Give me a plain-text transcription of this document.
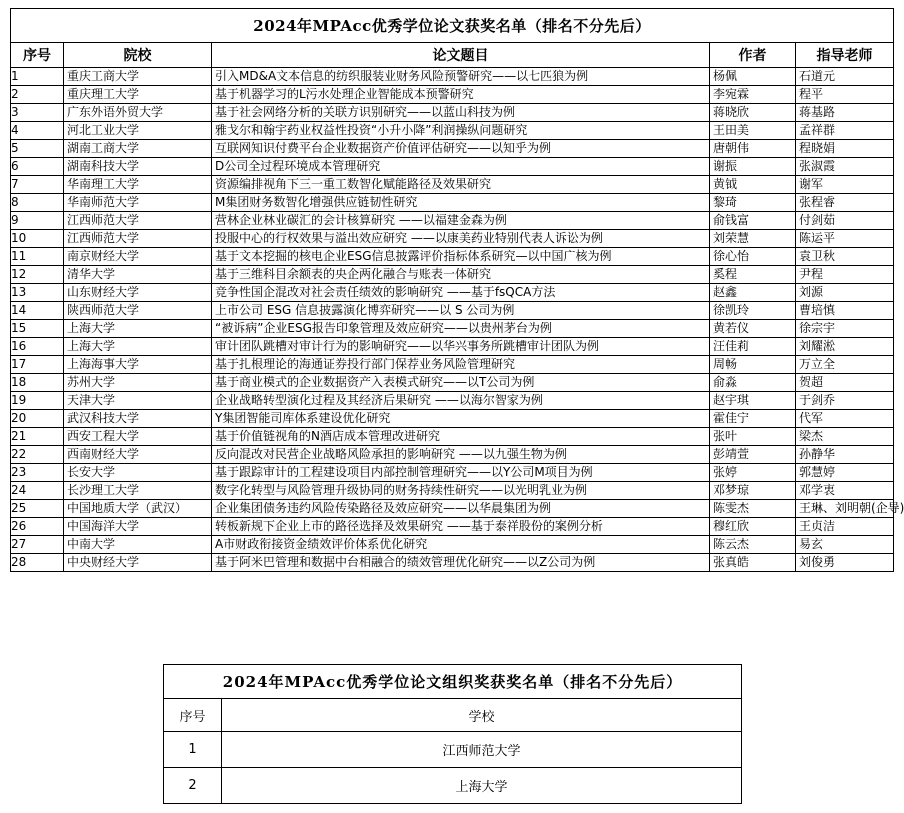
2024年MPAcc优秀学位论文获奖名单（排名不分先后）				
序号	院校	论文题目	作者	指导老师
1	重庆工商大学	引入MD&A文本信息的纺织服装业财务风险预警研究——以七匹狼为例	杨佩	石道元
2	重庆理工大学	基于机器学习的L污水处理企业智能成本预警研究	李宛霖	程平
3	广东外语外贸大学	基于社会网络分析的关联方识别研究——以蓝山科技为例	蒋晓欣	蒋基路
4	河北工业大学	雅戈尔和翰宇药业权益性投资“小升小降”利润操纵问题研究	王田美	孟祥群
5	湖南工商大学	互联网知识付费平台企业数据资产价值评估研究——以知乎为例	唐朝伟	程晓娟
6	湖南科技大学	D公司全过程环境成本管理研究	谢振	张淑霞
7	华南理工大学	资源编排视角下三一重工数智化赋能路径及效果研究	黄钺	谢军
8	华南师范大学	M集团财务数智化增强供应链韧性研究	黎琦	张程睿
9	江西师范大学	营林企业林业碳汇的会计核算研究 ——以福建金森为例	俞钱富	付剑茹
10	江西师范大学	投服中心的行权效果与溢出效应研究 ——以康美药业特别代表人诉讼为例	刘荣慧	陈运平
11	南京财经大学	基于文本挖掘的核电企业ESG信息披露评价指标体系研究—以中国广核为例	徐心怡	袁卫秋
12	清华大学	基于三维科目余额表的央企两化融合与账表一体研究	奚程	尹程
13	山东财经大学	竞争性国企混改对社会责任绩效的影响研究 ——基于fsQCA方法	赵鑫	刘源
14	陕西师范大学	上市公司 ESG 信息披露演化博弈研究——以 S 公司为例	徐凯玲	曹培慎
15	上海大学	“被诉病”企业ESG报告印象管理及效应研究——以贵州茅台为例	黄若仪	徐宗宇
16	上海大学	审计团队跳槽对审计行为的影响研究——以华兴事务所跳槽审计团队为例	汪佳莉	刘耀淞
17	上海海事大学	基于扎根理论的海通证券投行部门保荐业务风险管理研究	周畅	万立全
18	苏州大学	基于商业模式的企业数据资产入表模式研究——以T公司为例	俞淼	贺超
19	天津大学	企业战略转型演化过程及其经济后果研究 ——以海尔智家为例	赵宇琪	于剑乔
20	武汉科技大学	Y集团智能司库体系建设优化研究	霍佳宁	代军
21	西安工程大学	基于价值链视角的N酒店成本管理改进研究	张叶	梁杰
22	西南财经大学	反向混改对民营企业战略风险承担的影响研究 ——以九强生物为例	彭靖萱	孙静华
23	长安大学	基于跟踪审计的工程建设项目内部控制管理研究——以Y公司M项目为例	张婷	郭慧婷
24	长沙理工大学	数字化转型与风险管理升级协同的财务持续性研究——以光明乳业为例	邓梦琼	邓学衷
25	中国地质大学（武汉）	企业集团债务违约风险传染路径及效应研究——以华晨集团为例	陈雯杰	王琳、刘明朝(企导)
26	中国海洋大学	转板新规下企业上市的路径选择及效果研究 ——基于泰祥股份的案例分析	穆红欣	王贞洁
27	中南大学	A市财政衔接资金绩效评价体系优化研究	陈云杰	易玄
28	中央财经大学	基于阿米巴管理和数据中台相融合的绩效管理优化研究——以Z公司为例	张真皓	刘俊勇
2024年MPAcc优秀学位论文组织奖获奖名单（排名不分先后）	
序号	学校
1	江西师范大学
2	上海大学
